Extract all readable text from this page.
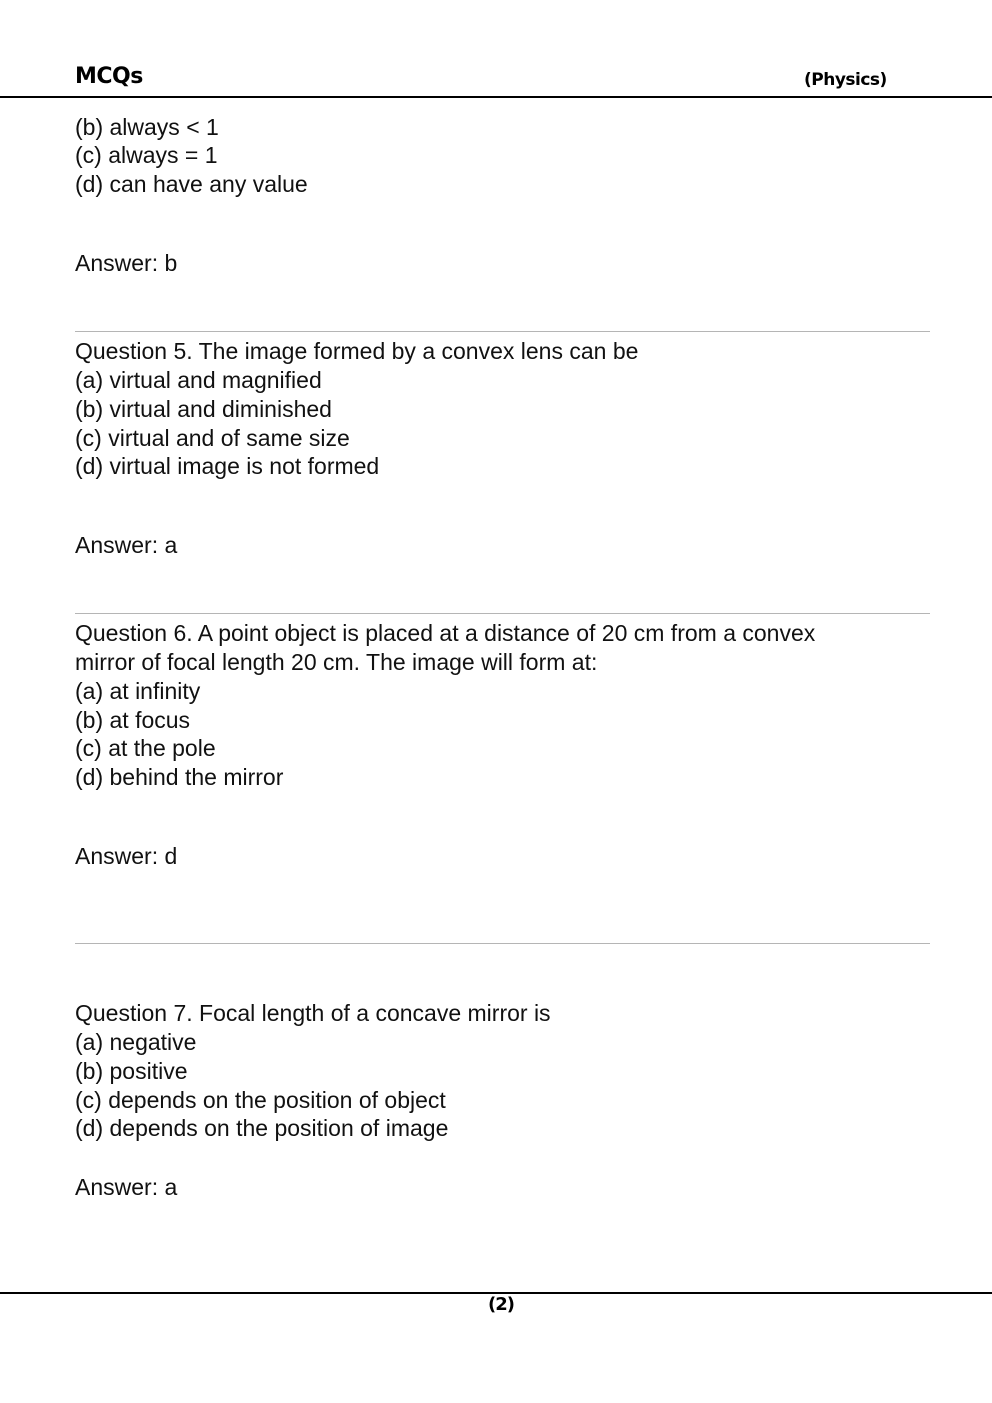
MCQs	(Physics)
(b) always < 1
(c) always = 1
(d) can have any value
Answer: b
Question 5. The image formed by a convex lens can be
(a) virtual and magnified
(b) virtual and diminished
(c) virtual and of same size
(d) virtual image is not formed
Answer: a
Question 6. A point object is placed at a distance of 20 cm from a convex
mirror of focal length 20 cm. The image will form at:
(a) at infinity
(b) at focus
(c) at the pole
(d) behind the mirror
Answer: d
Question 7. Focal length of a concave mirror is
(a) negative
(b) positive
(c) depends on the position of object
(d) depends on the position of image
Answer: a
(2)
